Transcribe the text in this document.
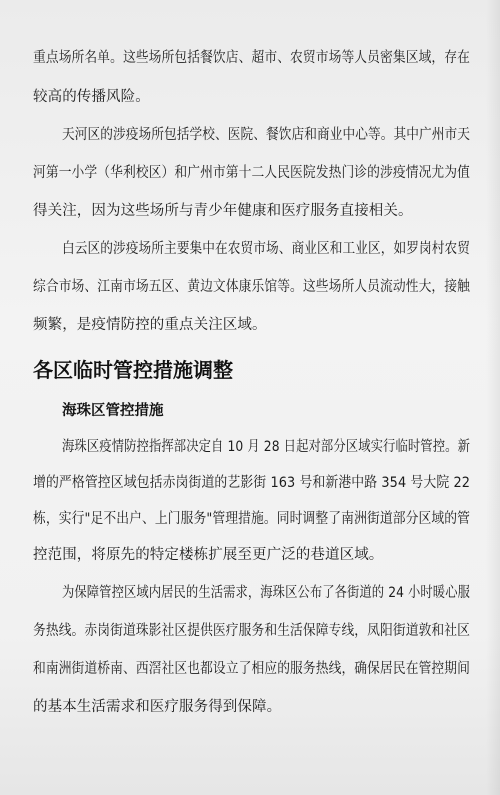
重点场所名单。这些场所包括餐饮店、超市、农贸市场等人员密集区域，存在
较高的传播风险。
天河区的涉疫场所包括学校、医院、餐饮店和商业中心等。其中广州市天
河第一小学（华利校区）和广州市第十二人民医院发热门诊的涉疫情况尤为值
得关注，因为这些场所与青少年健康和医疗服务直接相关。
白云区的涉疫场所主要集中在农贸市场、商业区和工业区，如罗岗村农贸
综合市场、江南市场五区、黄边文体康乐馆等。这些场所人员流动性大，接触
频繁，是疫情防控的重点关注区域。
各区临时管控措施调整
海珠区管控措施
海珠区疫情防控指挥部决定自 10 月 28 日起对部分区域实行临时管控。新
增的严格管控区域包括赤岗街道的艺影街 163 号和新港中路 354 号大院 22
栋，实行"足不出户、上门服务"管理措施。同时调整了南洲街道部分区域的管
控范围，将原先的特定楼栋扩展至更广泛的巷道区域。
为保障管控区域内居民的生活需求，海珠区公布了各街道的 24 小时暖心服
务热线。赤岗街道珠影社区提供医疗服务和生活保障专线，凤阳街道敦和社区
和南洲街道桥南、西滘社区也都设立了相应的服务热线，确保居民在管控期间
的基本生活需求和医疗服务得到保障。
